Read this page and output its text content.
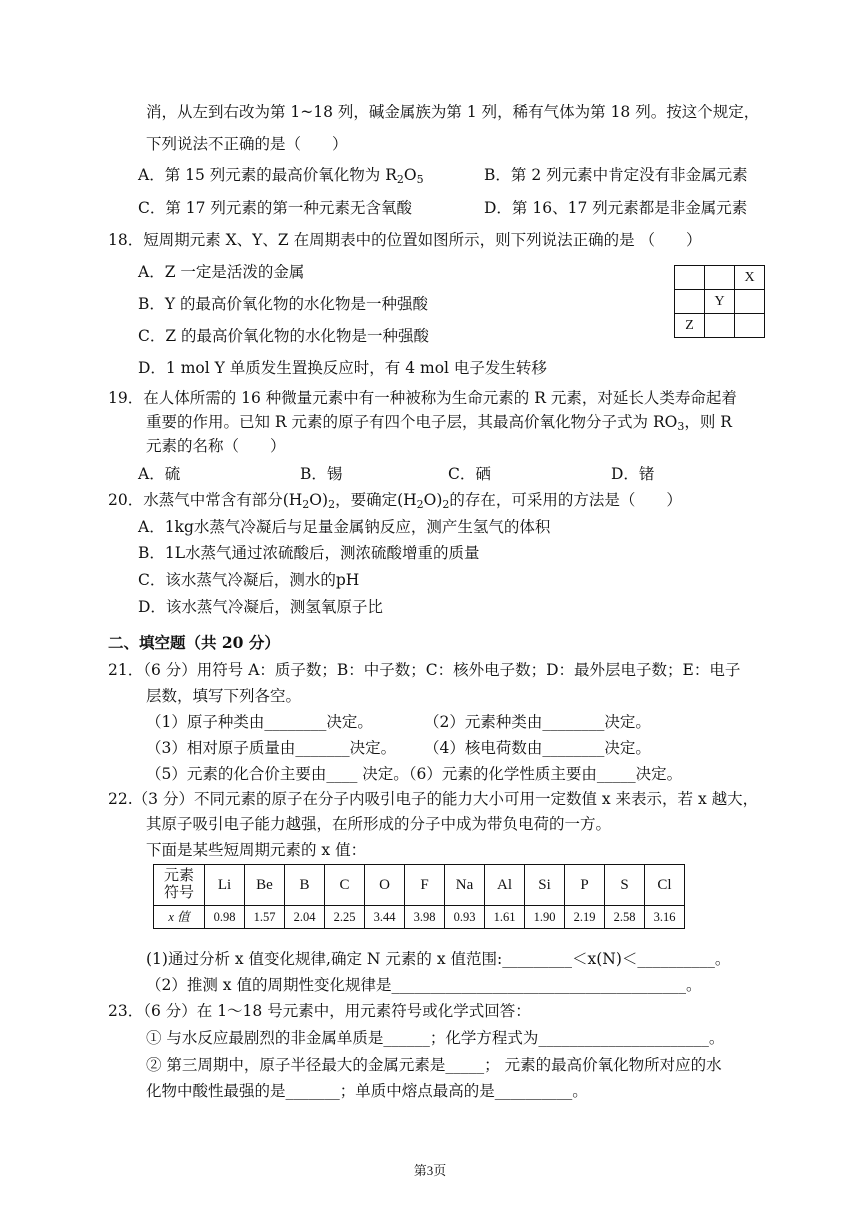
消，从左到右改为第 1~18 列，碱金属族为第 1 列，稀有气体为第 18 列。按这个规定，
下列说法不正确的是（　　）
A．第 15 列元素的最高价氧化物为 $R_2O_5$	B．第 2 列元素中肯定没有非金属元素
C．第 17 列元素的第一种元素无含氧酸	D．第 16、17 列元素都是非金属元素
18．短周期元素 X、Y、Z 在周期表中的位置如图所示，则下列说法正确的是 （　　）
A．Z 一定是活泼的金属
B．Y 的最高价氧化物的水化物是一种强酸
C．Z 的最高价氧化物的水化物是一种强酸
D．1 mol Y 单质发生置换反应时，有 4 mol 电子发生转移
		X
	Y	
Z		
19．在人体所需的 16 种微量元素中有一种被称为生命元素的 R 元素，对延长人类寿命起着
重要的作用。已知 R 元素的原子有四个电子层，其最高价氧化物分子式为 $RO_3$，则 R
元素的名称（　　）
A．硫	B．锡	C．硒	D．锗
20．水蒸气中常含有部分$(H_2O)_2$，要确定$(H_2O)_2$的存在，可采用的方法是（　　）
A．1kg水蒸气冷凝后与足量金属钠反应，测产生氢气的体积
B．1L水蒸气通过浓硫酸后，测浓硫酸增重的质量
C．该水蒸气冷凝后，测水的pH
D．该水蒸气冷凝后，测氢氧原子比
二、填空题（共 20 分）
21．（6 分）用符号 A：质子数；B：中子数；C：核外电子数；D：最外层电子数；E：电子
层数，填写下列各空。
（1）原子种类由________决定。	（2）元素种类由________决定。
（3）相对原子质量由_______决定。 （4）核电荷数由________决定。
（5）元素的化合价主要由____ 决定。（6）元素的化学性质主要由_____决定。
22.（3 分）不同元素的原子在分子内吸引电子的能力大小可用一定数值 x 来表示，若 x 越大，
其原子吸引电子能力越强，在所形成的分子中成为带负电荷的一方。
下面是某些短周期元素的 x 值：
元素
符号	Li	Be	B	C	O	F	Na	Al	Si	P	S	Cl
x 值	0.98	1.57	2.04	2.25	3.44	3.98	0.93	1.61	1.90	2.19	2.58	3.16
(1)通过分析 x 值变化规律,确定 N 元素的 x 值范围:_________＜x(N)＜__________。
（2）推测 x 值的周期性变化规律是______________________________________。
23．（6 分）在 1～18 号元素中，用元素符号或化学式回答：
① 与水反应最剧烈的非金属单质是______；化学方程式为______________________。
② 第三周期中，原子半径最大的金属元素是_____； 元素的最高价氧化物所对应的水
化物中酸性最强的是_______；单质中熔点最高的是__________。
第3页
